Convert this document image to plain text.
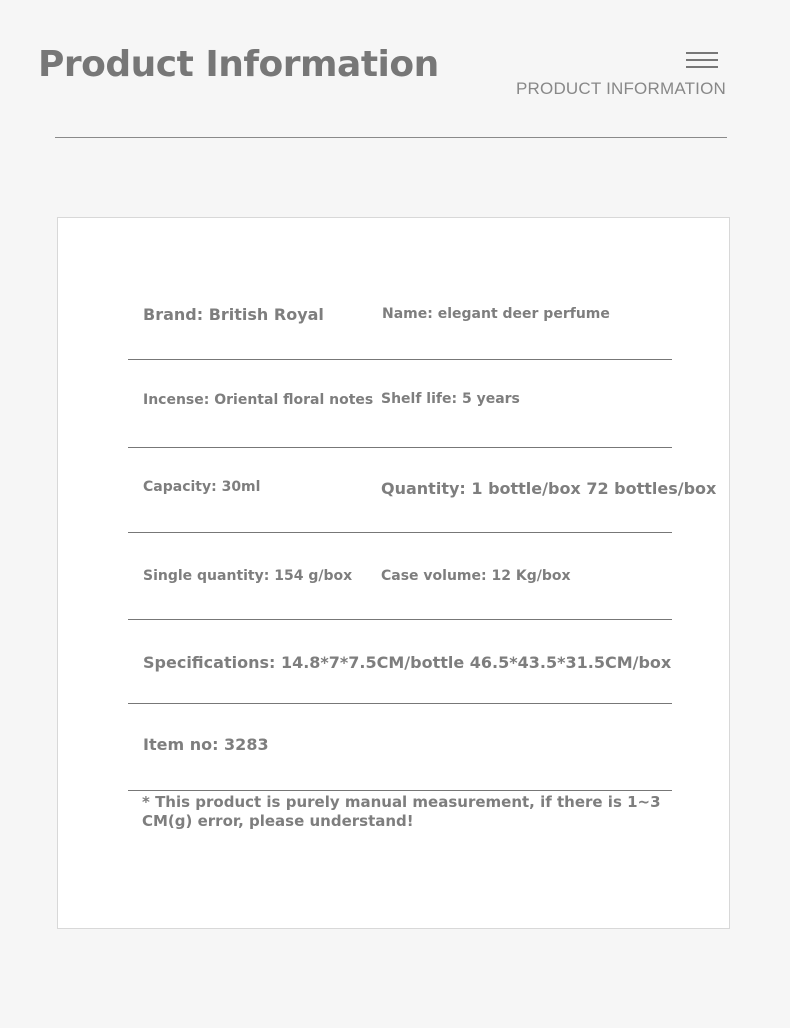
Product Information
PRODUCT INFORMATION
Brand: British Royal	Name: elegant deer perfume
Incense: Oriental floral notes Shelf life: 5 years
Capacity: 30ml	Quantity: 1 bottle/box 72 bottles/box
Single quantity: 154 g/box Case volume: 12 Kg/box
Specifications: 14.8*7*7.5CM/bottle 46.5*43.5*31.5CM/box
Item no: 3283
* This product is purely manual measurement, if there is 1~3 CM(g) error, please understand!
